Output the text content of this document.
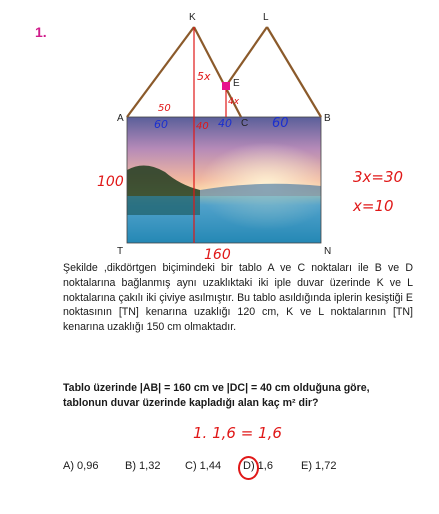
1.
K	L
E
A	B
C
T	N
5x
4x
50
60	40 40	60
100
160
3x=30
x=10

Şekilde ,dikdörtgen biçimindeki bir tablo A ve C noktaları ile B ve D noktalarına bağlanmış aynı uzaklıktaki iki iple duvar üzerinde K ve L noktalarına çakılı iki çiviye asılmıştır. Bu tablo asıldığında iplerin kesiştiği E noktasının [TN] kenarına uzaklığı 120 cm, K ve L noktalarının [TN] kenarına uzaklığı 150 cm olmaktadır.

Tablo üzerinde |AB| = 160 cm ve |DC| = 40 cm olduğuna göre, tablonun duvar üzerinde kapladığı alan kaç m² dir?
1. 1,6 = 1,6
A) 0,96	B) 1,32	C) 1,44	D) 1,6	E) 1,72
